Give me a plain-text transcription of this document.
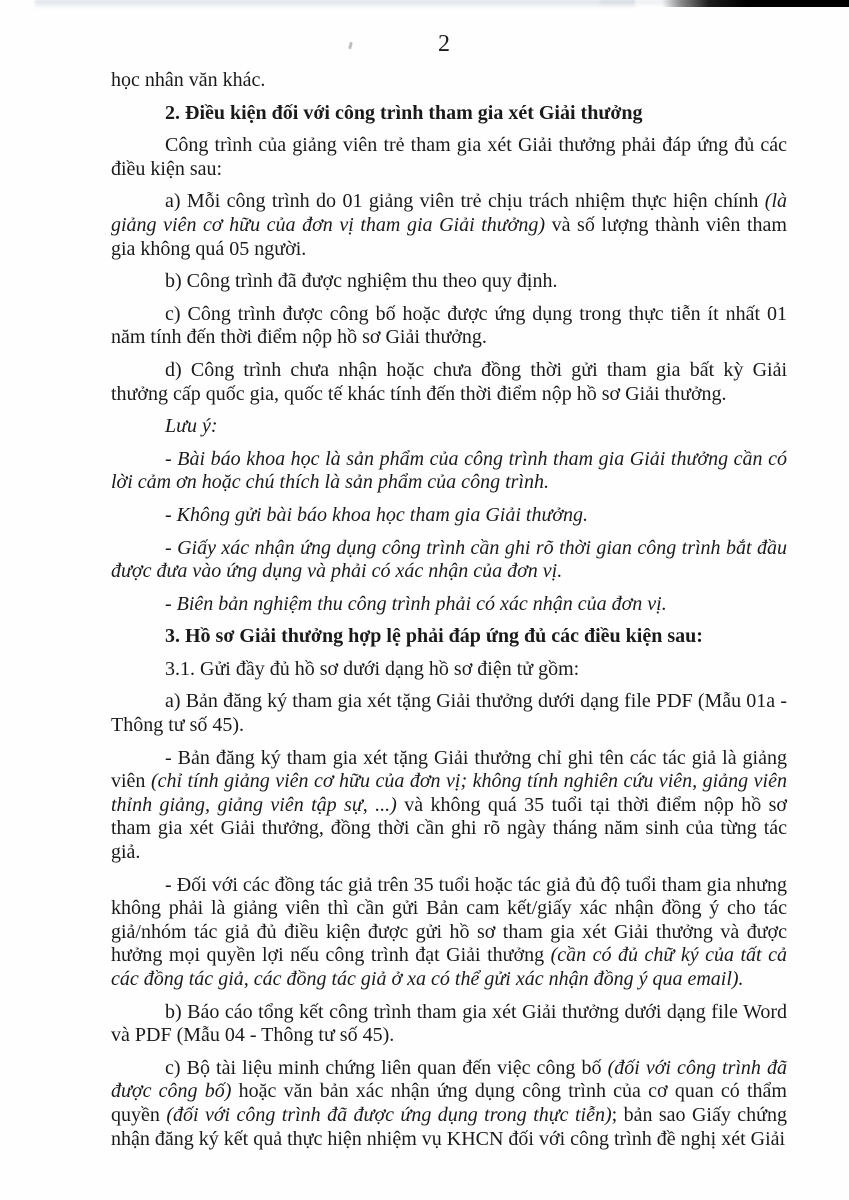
2

học nhân văn khác.

2. Điều kiện đối với công trình tham gia xét Giải thưởng

Công trình của giảng viên trẻ tham gia xét Giải thưởng phải đáp ứng đủ các điều kiện sau:

a) Mỗi công trình do 01 giảng viên trẻ chịu trách nhiệm thực hiện chính (là giảng viên cơ hữu của đơn vị tham gia Giải thưởng) và số lượng thành viên tham gia không quá 05 người.

b) Công trình đã được nghiệm thu theo quy định.

c) Công trình được công bố hoặc được ứng dụng trong thực tiễn ít nhất 01 năm tính đến thời điểm nộp hồ sơ Giải thưởng.

d) Công trình chưa nhận hoặc chưa đồng thời gửi tham gia bất kỳ Giải thưởng cấp quốc gia, quốc tế khác tính đến thời điểm nộp hồ sơ Giải thưởng.

Lưu ý:

- Bài báo khoa học là sản phẩm của công trình tham gia Giải thưởng cần có lời cảm ơn hoặc chú thích là sản phẩm của công trình.

- Không gửi bài báo khoa học tham gia Giải thưởng.

- Giấy xác nhận ứng dụng công trình cần ghi rõ thời gian công trình bắt đầu được đưa vào ứng dụng và phải có xác nhận của đơn vị.

- Biên bản nghiệm thu công trình phải có xác nhận của đơn vị.

3. Hồ sơ Giải thưởng hợp lệ phải đáp ứng đủ các điều kiện sau:

3.1. Gửi đầy đủ hồ sơ dưới dạng hồ sơ điện tử gồm:

a) Bản đăng ký tham gia xét tặng Giải thưởng dưới dạng file PDF (Mẫu 01a - Thông tư số 45).

- Bản đăng ký tham gia xét tặng Giải thưởng chỉ ghi tên các tác giả là giảng viên (chỉ tính giảng viên cơ hữu của đơn vị; không tính nghiên cứu viên, giảng viên thỉnh giảng, giảng viên tập sự, ...) và không quá 35 tuổi tại thời điểm nộp hồ sơ tham gia xét Giải thưởng, đồng thời cần ghi rõ ngày tháng năm sinh của từng tác giả.

- Đối với các đồng tác giả trên 35 tuổi hoặc tác giả đủ độ tuổi tham gia nhưng không phải là giảng viên thì cần gửi Bản cam kết/giấy xác nhận đồng ý cho tác giả/nhóm tác giả đủ điều kiện được gửi hồ sơ tham gia xét Giải thưởng và được hưởng mọi quyền lợi nếu công trình đạt Giải thưởng (cần có đủ chữ ký của tất cả các đồng tác giả, các đồng tác giả ở xa có thể gửi xác nhận đồng ý qua email).

b) Báo cáo tổng kết công trình tham gia xét Giải thưởng dưới dạng file Word và PDF (Mẫu 04 - Thông tư số 45).

c) Bộ tài liệu minh chứng liên quan đến việc công bố (đối với công trình đã được công bố) hoặc văn bản xác nhận ứng dụng công trình của cơ quan có thẩm quyền (đối với công trình đã được ứng dụng trong thực tiễn); bản sao Giấy chứng nhận đăng ký kết quả thực hiện nhiệm vụ KHCN đối với công trình đề nghị xét Giải
